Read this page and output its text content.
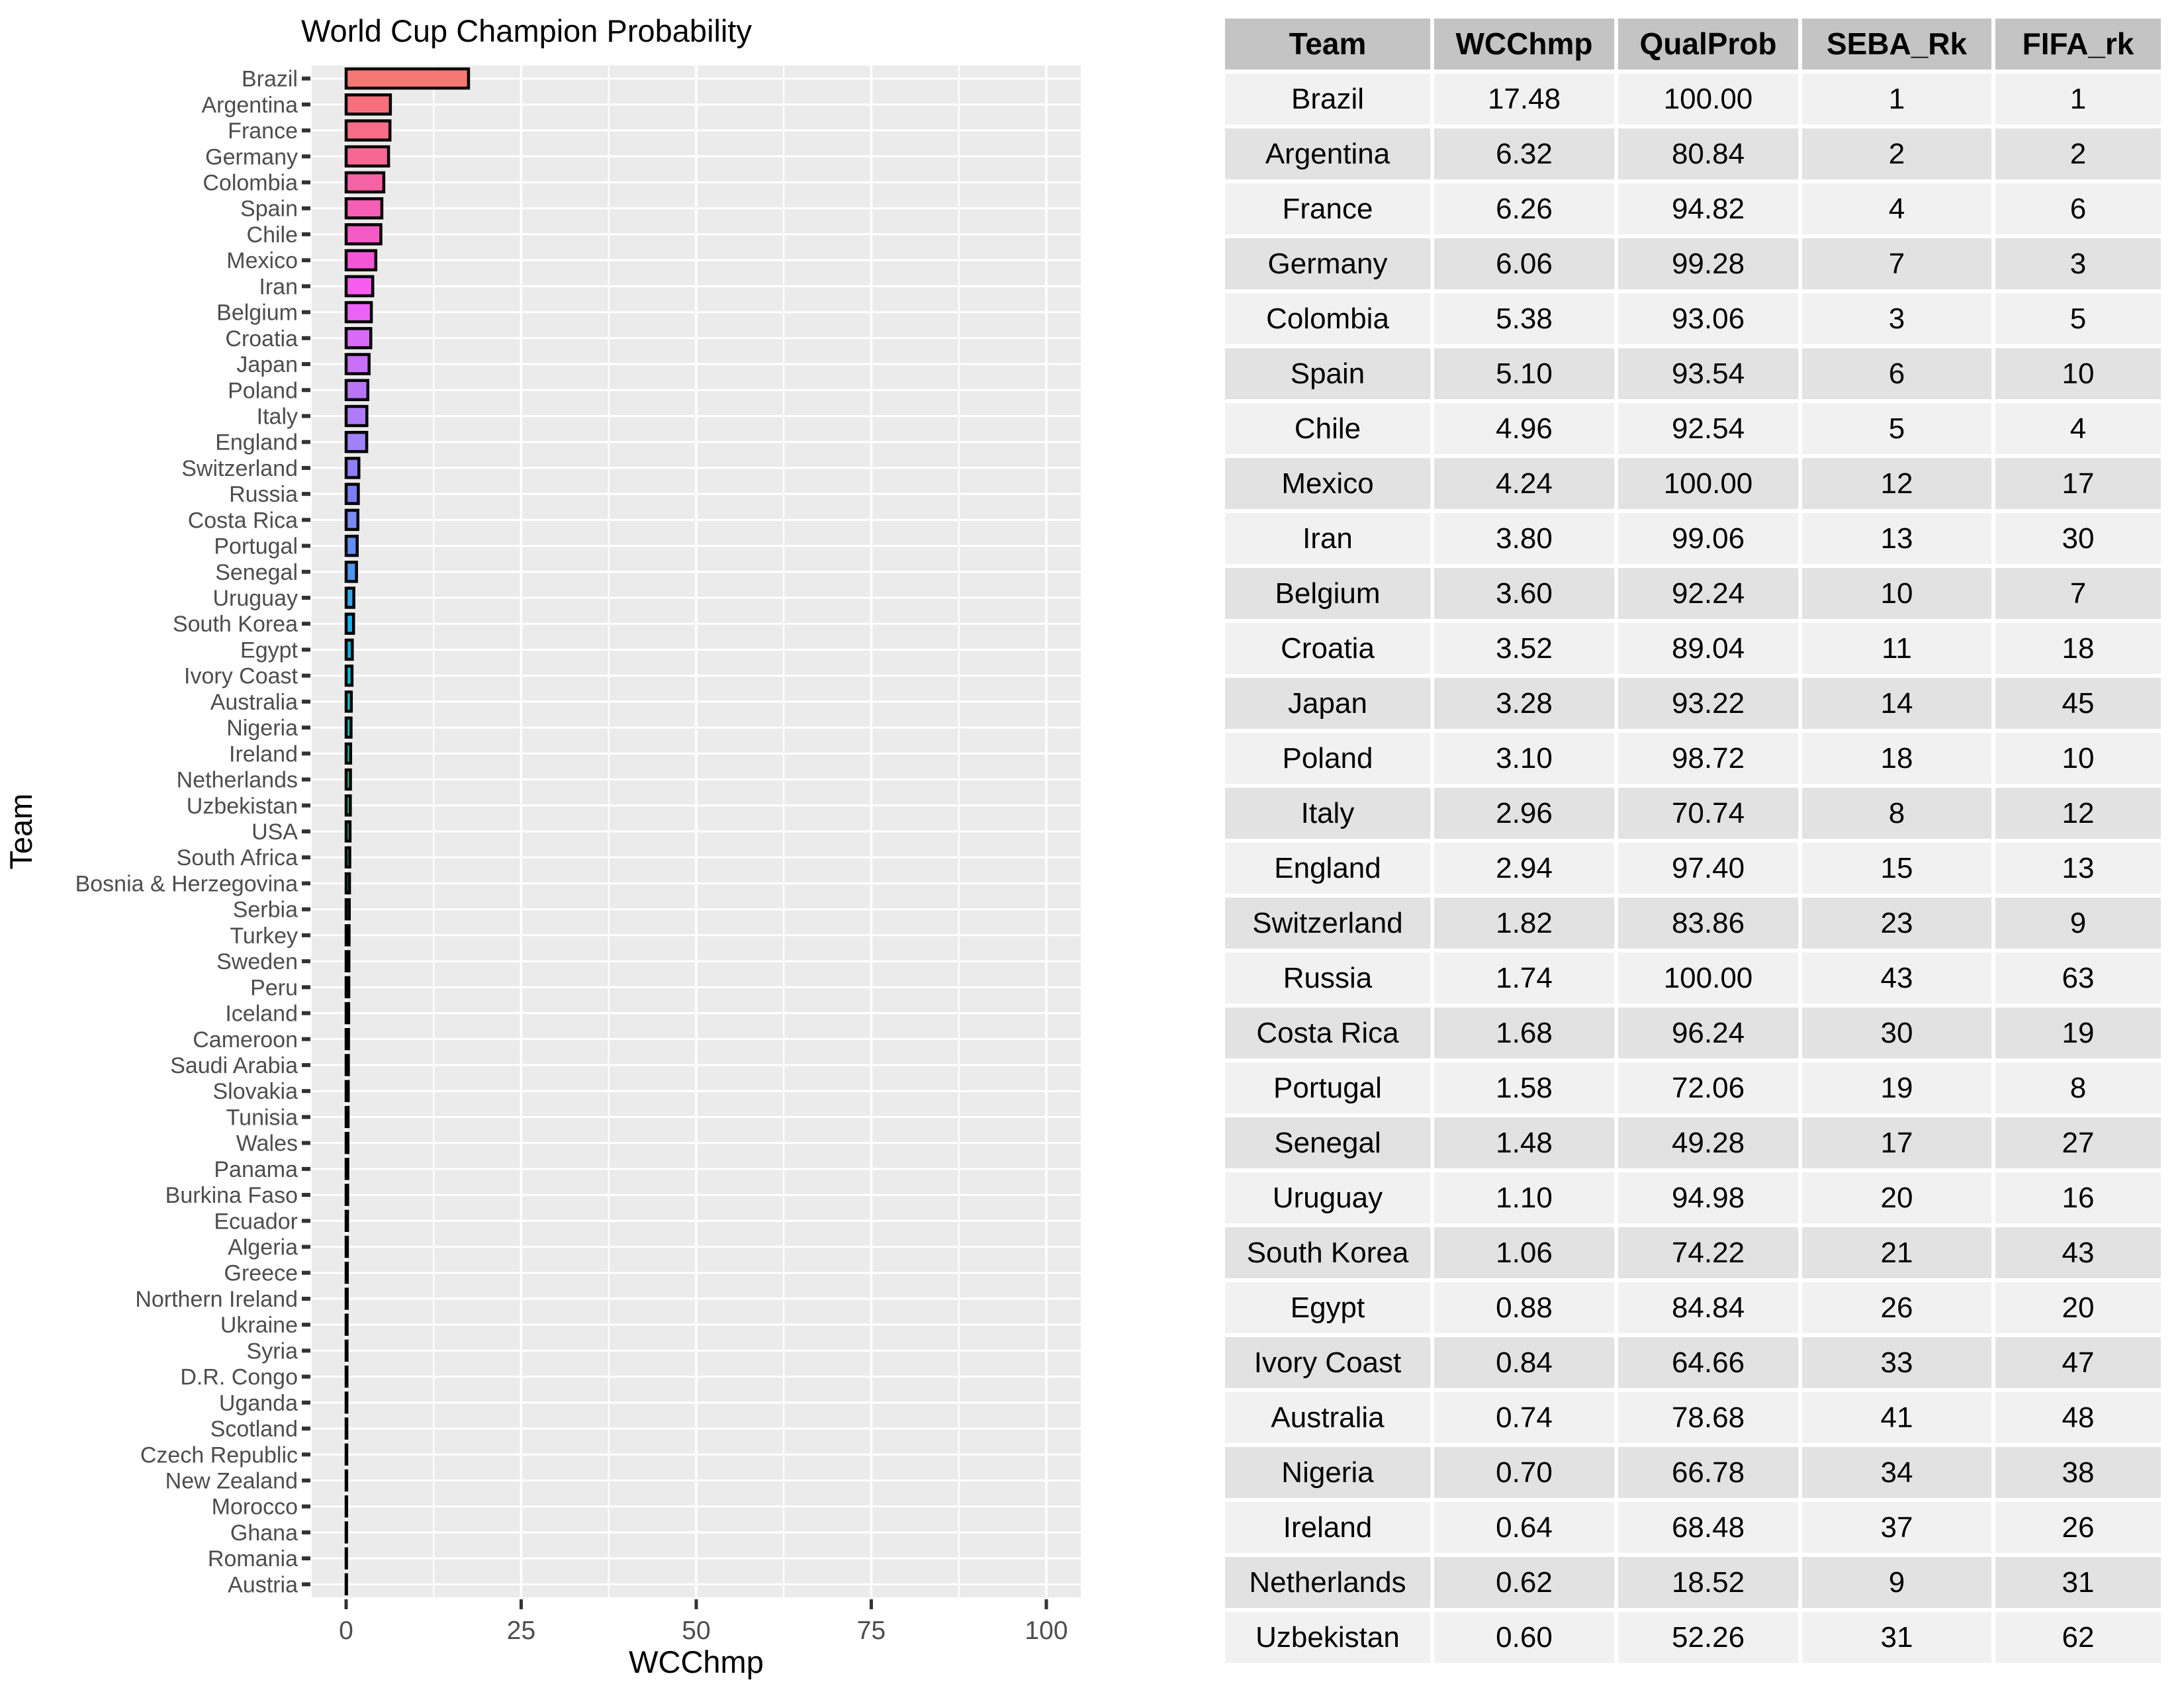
Brazil
Argentina
France
Germany
Colombia
Spain
Chile
Mexico
Iran
Belgium
Croatia
Japan
Poland
Italy
England
Switzerland
Russia
Costa Rica
Portugal
Senegal
Uruguay
South Korea
Egypt
Ivory Coast
Australia
Nigeria
Ireland
Netherlands
Uzbekistan
USA
South Africa
Bosnia & Herzegovina
Serbia
Turkey
Sweden
Peru
Iceland
Cameroon
Saudi Arabia
Slovakia
Tunisia
Wales
Panama
Burkina Faso
Ecuador
Algeria
Greece
Northern Ireland
Ukraine
Syria
D.R. Congo
Uganda
Scotland
Czech Republic
New Zealand
Morocco
Ghana
Romania
Austria
0	25	50	75	100
World Cup Champion Probability
WCChmp
Team
Team	WCChmp	QualProb	SEBA_Rk	FIFA_rk
Brazil	17.48	100.00	1	1
Argentina	6.32	80.84	2	2
France	6.26	94.82	4	6
Germany	6.06	99.28	7	3
Colombia	5.38	93.06	3	5
Spain	5.10	93.54	6	10
Chile	4.96	92.54	5	4
Mexico	4.24	100.00	12	17
Iran	3.80	99.06	13	30
Belgium	3.60	92.24	10	7
Croatia	3.52	89.04	11	18
Japan	3.28	93.22	14	45
Poland	3.10	98.72	18	10
Italy	2.96	70.74	8	12
England	2.94	97.40	15	13
Switzerland	1.82	83.86	23	9
Russia	1.74	100.00	43	63
Costa Rica	1.68	96.24	30	19
Portugal	1.58	72.06	19	8
Senegal	1.48	49.28	17	27
Uruguay	1.10	94.98	20	16
South Korea	1.06	74.22	21	43
Egypt	0.88	84.84	26	20
Ivory Coast	0.84	64.66	33	47
Australia	0.74	78.68	41	48
Nigeria	0.70	66.78	34	38
Ireland	0.64	68.48	37	26
Netherlands	0.62	18.52	9	31
Uzbekistan	0.60	52.26	31	62
